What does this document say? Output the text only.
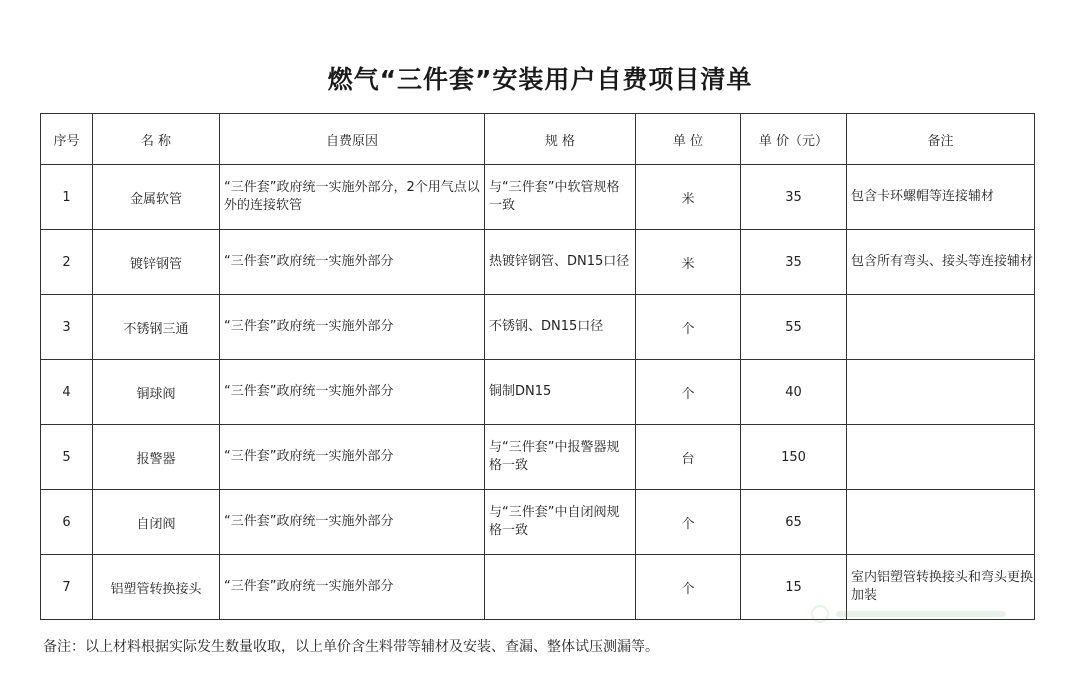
燃气“三件套”安装用户自费项目清单
序号	名 称	自费原因	规 格	单 位	单 价（元）	备注
1	金属软管	“三件套”政府统一实施外部分，2个用气点以外的连接软管	与“三件套”中软管规格一致	米	35	包含卡环螺帽等连接辅材
2	镀锌钢管	“三件套”政府统一实施外部分	热镀锌钢管、DN15口径	米	35	包含所有弯头、接头等连接辅材
3	不锈钢三通	“三件套”政府统一实施外部分	不锈钢、DN15口径	个	55	
4	铜球阀	“三件套”政府统一实施外部分	铜制DN15	个	40	
5	报警器	“三件套”政府统一实施外部分	与“三件套”中报警器规格一致	台	150	
6	自闭阀	“三件套”政府统一实施外部分	与“三件套”中自闭阀规格一致	个	65	
7	铝塑管转换接头	“三件套”政府统一实施外部分		个	15	室内铝塑管转换接头和弯头更换加装
备注：以上材料根据实际发生数量收取，以上单价含生料带等辅材及安装、查漏、整体试压测漏等。
